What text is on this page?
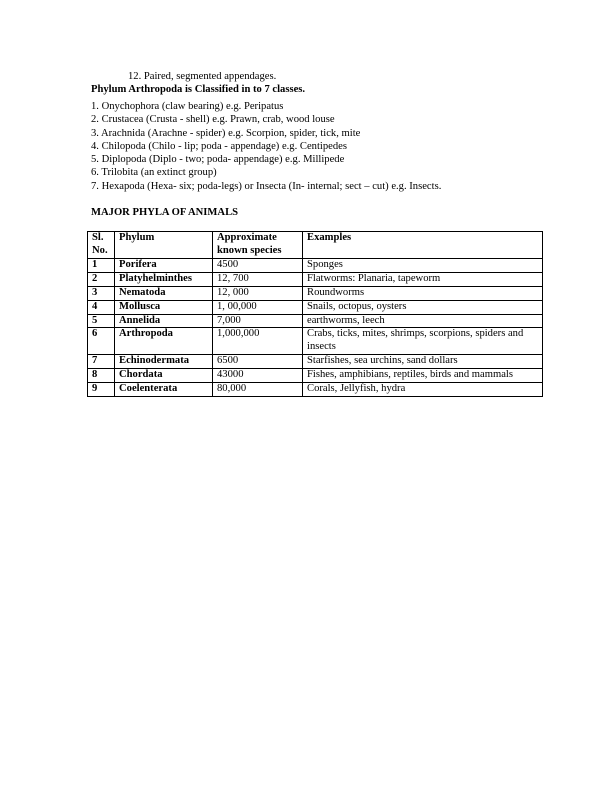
12. Paired, segmented appendages.
Phylum Arthropoda is Classified in to 7 classes.
1. Onychophora (claw bearing) e.g. Peripatus
2. Crustacea (Crusta - shell) e.g. Prawn, crab, wood louse
3. Arachnida (Arachne - spider) e.g. Scorpion, spider, tick, mite
4. Chilopoda (Chilo - lip; poda - appendage) e.g. Centipedes
5. Diplopoda (Diplo - two; poda- appendage) e.g. Millipede
6. Trilobita (an extinct group)
7. Hexapoda (Hexa- six; poda-legs) or Insecta (In- internal; sect – cut) e.g. Insects.
MAJOR PHYLA OF ANIMALS
Sl. No.	Phylum	Approximate known species	Examples
1	Porifera	4500	Sponges
2	Platyhelminthes	12, 700	Flatworms: Planaria, tapeworm
3	Nematoda	12, 000	Roundworms
4	Mollusca	1, 00,000	Snails, octopus, oysters
5	Annelida	7,000	earthworms, leech
6	Arthropoda	1,000,000	Crabs, ticks, mites, shrimps, scorpions, spiders and insects
7	Echinodermata	6500	Starfishes, sea urchins, sand dollars
8	Chordata	43000	Fishes, amphibians, reptiles, birds and mammals
9	Coelenterata	80,000	Corals, Jellyfish, hydra
